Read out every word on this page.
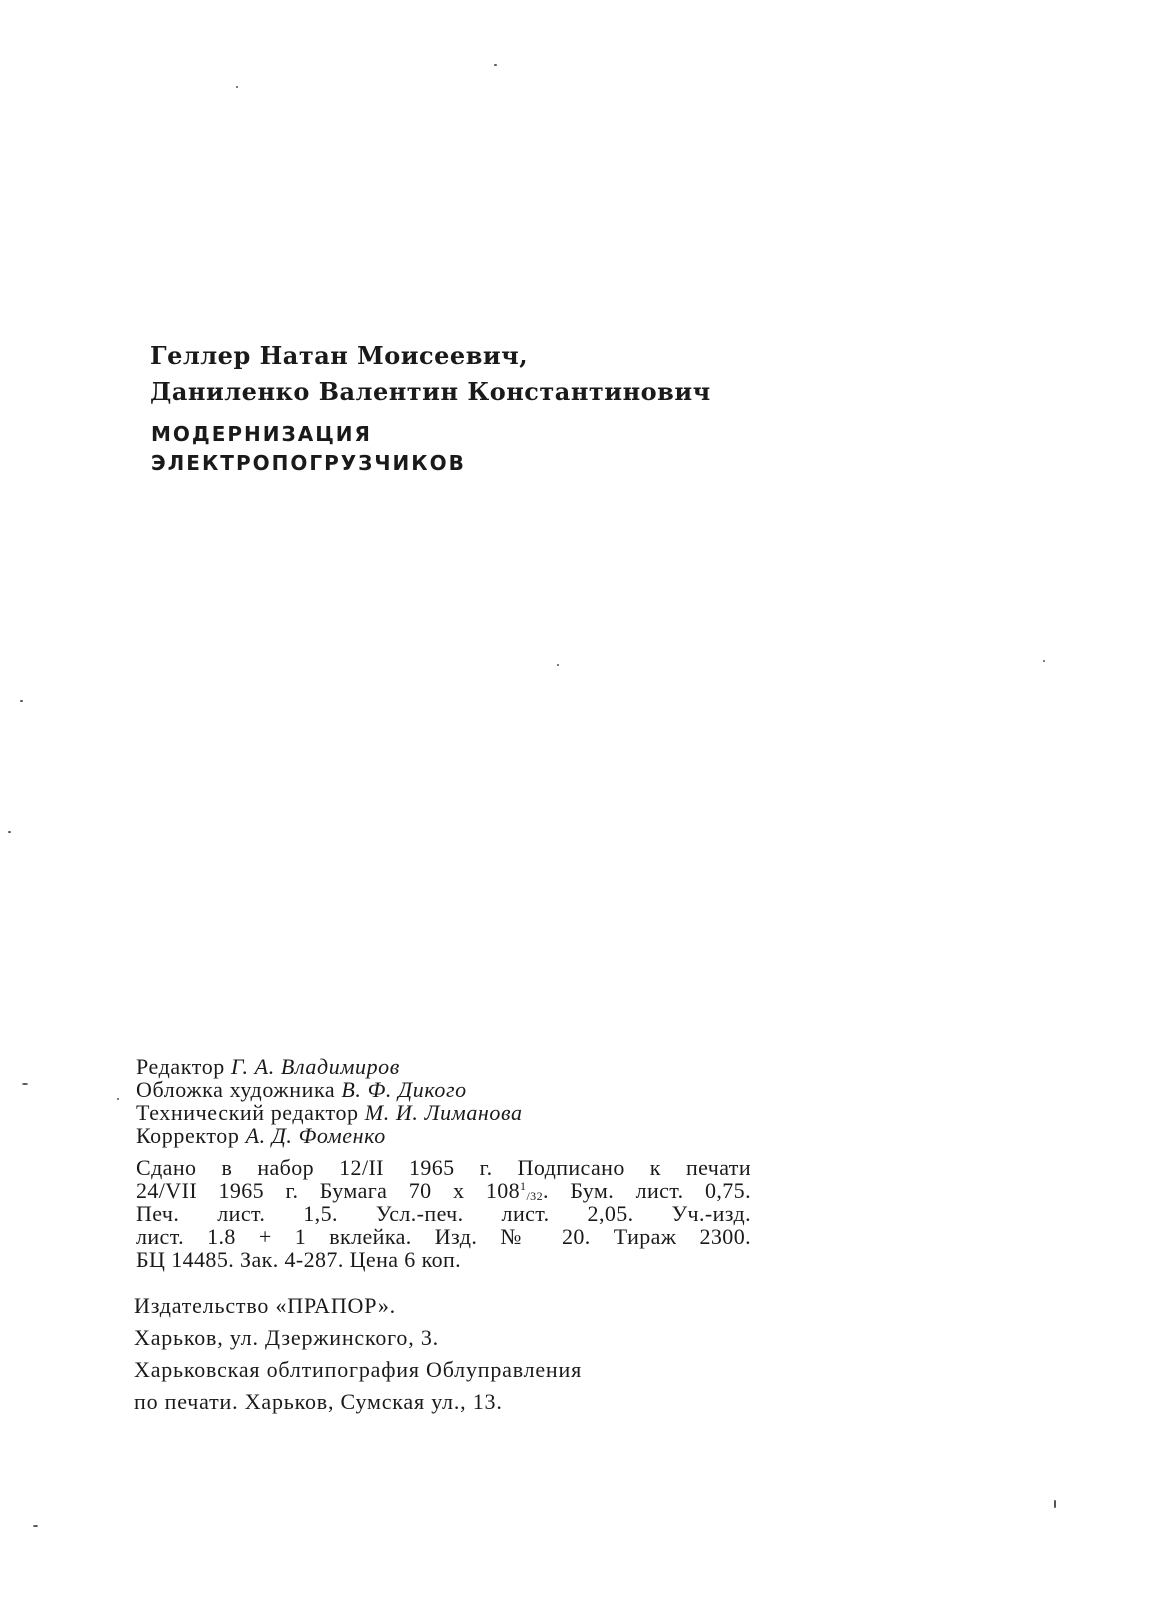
Геллер Натан Моисеевич,
Даниленко Валентин Константинович
МОДЕРНИЗАЦИЯ
ЭЛЕКТРОПОГРУЗЧИКОВ
Редактор Г. А. Владимиров
Обложка художника В. Ф. Дикого
Технический редактор М. И. Лиманова
Корректор А. Д. Фоменко
Сдано в набор 12/II 1965 г. Подписано к печати
24/VII 1965 г. Бумага 70 x $108^1_{/32}$. Бум. лист. 0,75.
Печ. лист. 1,5. Усл.-печ. лист. 2,05. Уч.-изд.
лист. 1.8 + 1 вклейка. Изд. № 20. Тираж 2300.
БЦ 14485. Зак. 4-287. Цена 6 коп.
Издательство «ПРАПОР».
Харьков, ул. Дзержинского, 3.
Харьковская облтипография Облуправления
по печати. Харьков, Сумская ул., 13.
